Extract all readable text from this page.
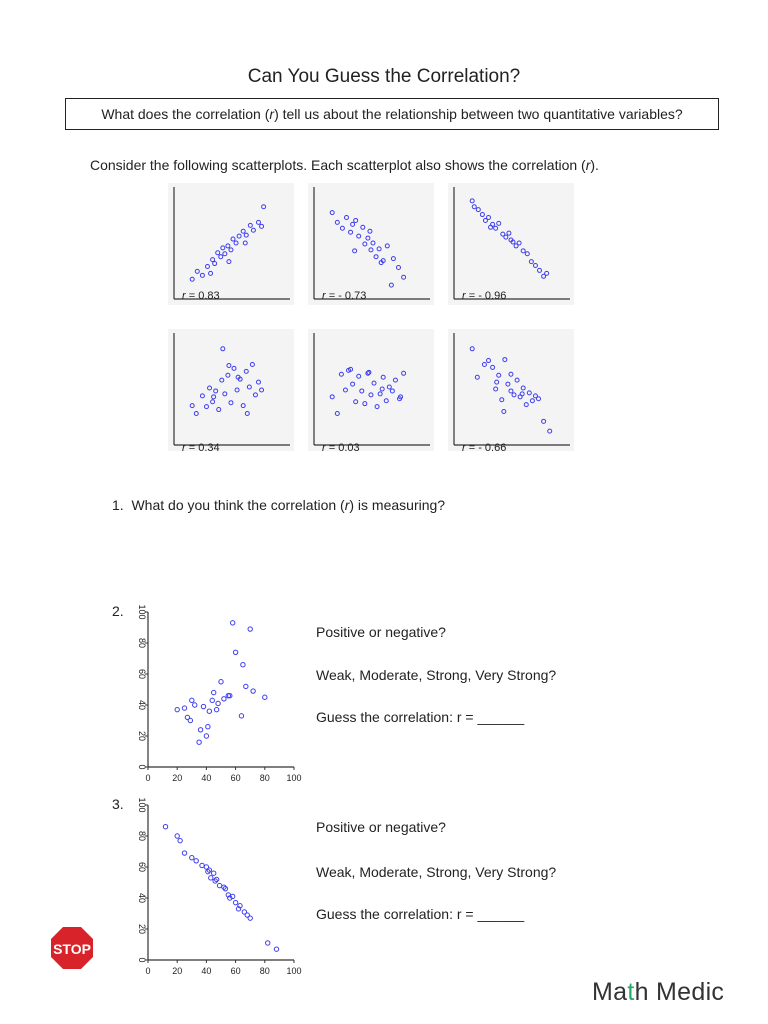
Can You Guess the Correlation?
What does the correlation (r) tell us about the relationship between two quantitative variables?
Consider the following scatterplots. Each scatterplot also shows the correlation (r).
r = 0.83	r = - 0.73	r = - 0.96
r = 0.34	r = 0.03	r = - 0.66
1. What do you think the correlation (r) is measuring?
2.
0 20 40 60 80 100
0
20
40
60
80
100
Positive or negative?
Weak, Moderate, Strong, Very Strong?
Guess the correlation: r = ______
3.
0 20 40 60 80 100
0
20
40
60
80
100
Positive or negative?
Weak, Moderate, Strong, Very Strong?
Guess the correlation: r = ______
STOP
Math Medic
